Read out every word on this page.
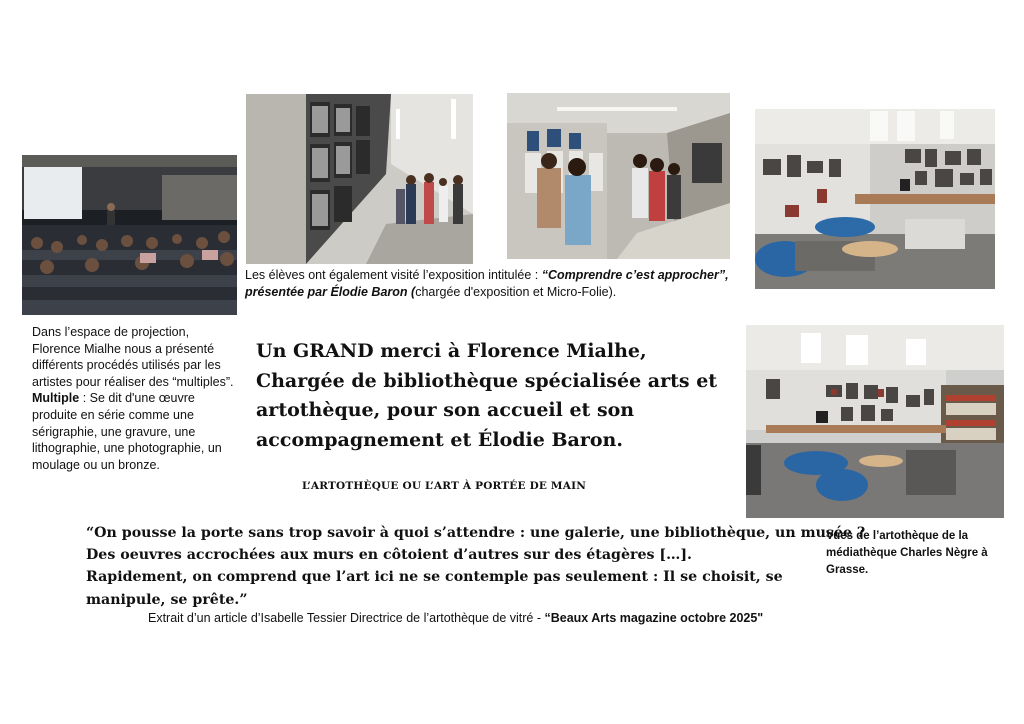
Les élèves ont également visité l’exposition intitulée : “Comprendre c’est approcher”,
présentée par Élodie Baron (chargée d'exposition et Micro-Folie).
Dans l’espace de projection, Florence Mialhe nous a présenté différents procédés utilisés par les artistes pour réaliser des “multiples”.
Multiple : Se dit d'une œuvre produite en série comme une sérigraphie, une gravure, une lithographie, une photographie, un moulage ou un bronze.
Un GRAND merci à Florence Mialhe, Chargée de bibliothèque spécialisée arts et artothèque, pour son accueil et son accompagnement et Élodie Baron.
L’ARTOTHÈQUE OU L’ART À PORTÉE DE MAIN
“On pousse la porte sans trop savoir à quoi s’attendre : une galerie, une bibliothèque, un musée ?
Des oeuvres accrochées aux murs en côtoient d’autres sur des étagères […].
Rapidement, on comprend que l’art ici ne se contemple pas seulement : Il se choisit, se
manipule, se prête.”
Extrait d’un article d’Isabelle Tessier Directrice de l’artothèque de vitré - “Beaux Arts magazine octobre 2025"
Vues de l’artothèque de la médiathèque Charles Nègre à Grasse.
